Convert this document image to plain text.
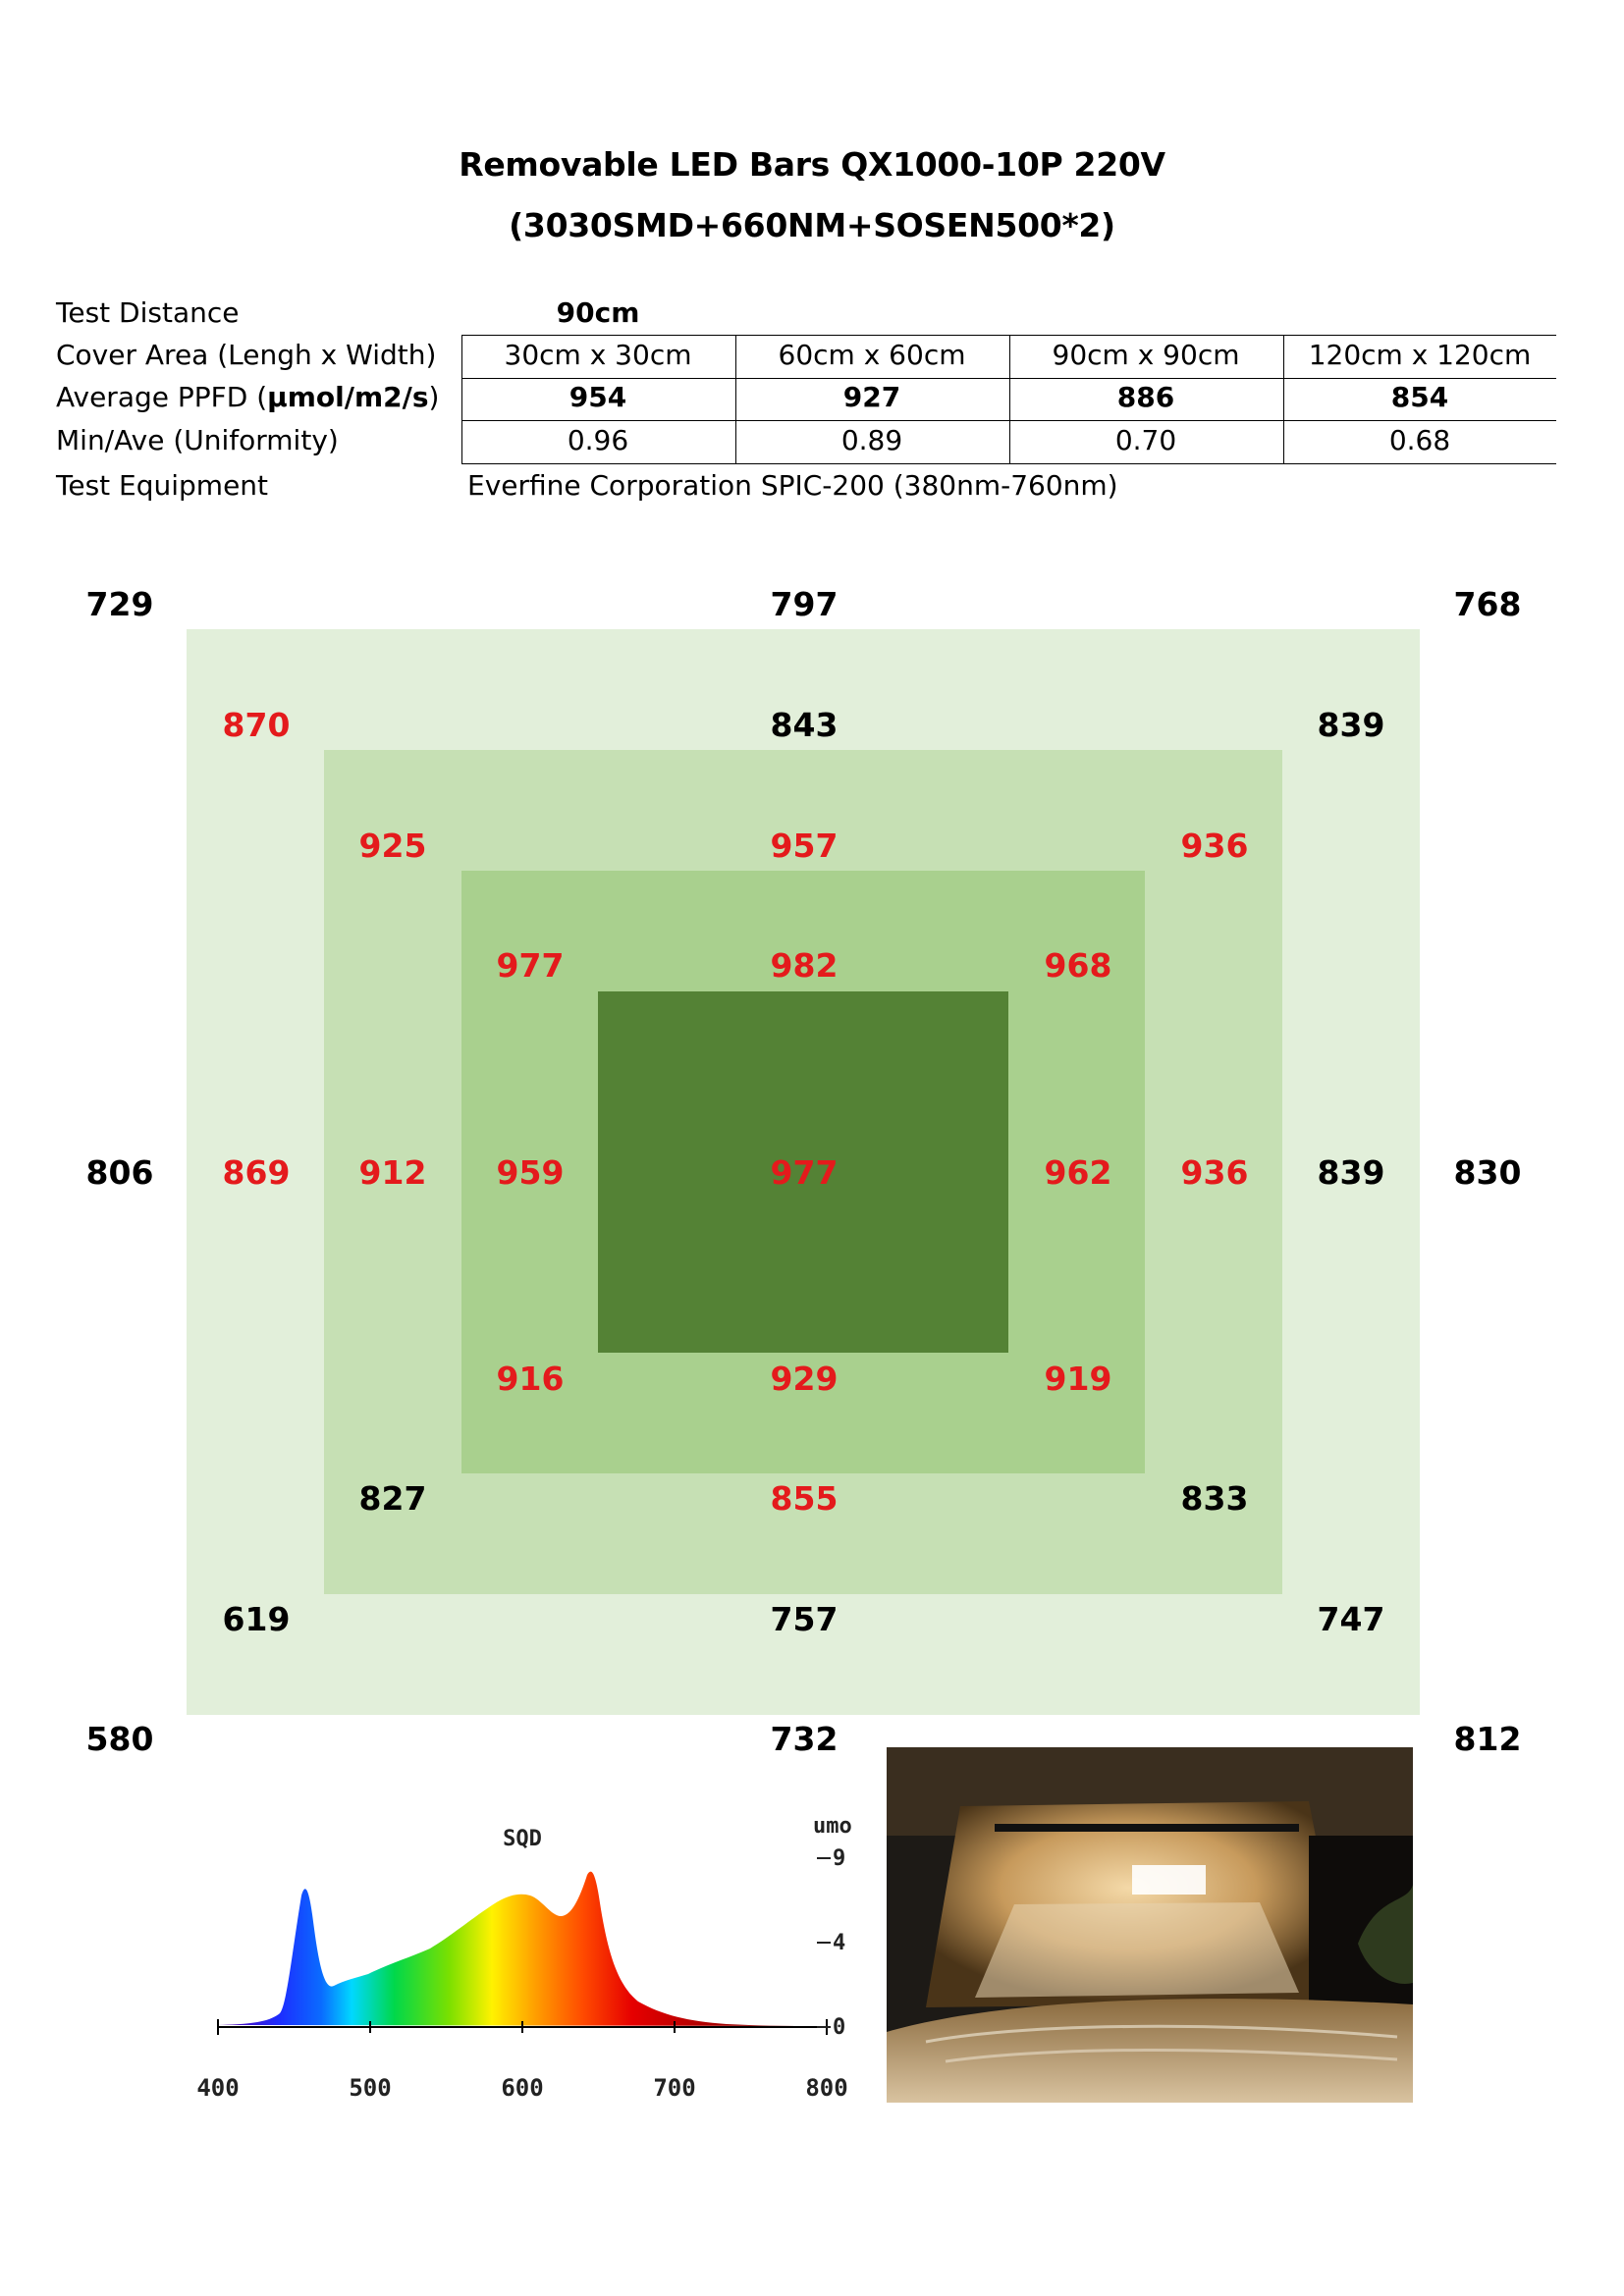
Removable LED Bars QX1000-10P 220V
(3030SMD+660NM+SOSEN500*2)
Test Distance	90cm
Cover Area (Lengh x Width)	30cm x 30cm	60cm x 60cm	90cm x 90cm	120cm x 120cm
Average PPFD (µmol/m2/s)	954	927	886	854
Min/Ave (Uniformity)	0.96	0.89	0.70	0.68
Test Equipment	Everfine Corporation SPIC-200 (380nm-760nm)
729	797	768
870	843	839
925	957	936
977	982	968
806	869	912	959	977	962	936	839	830
916	929	919
827	855	833
619	757	747
580	732	812
SQD
umo
9
4
0
400	500	600	700	800
